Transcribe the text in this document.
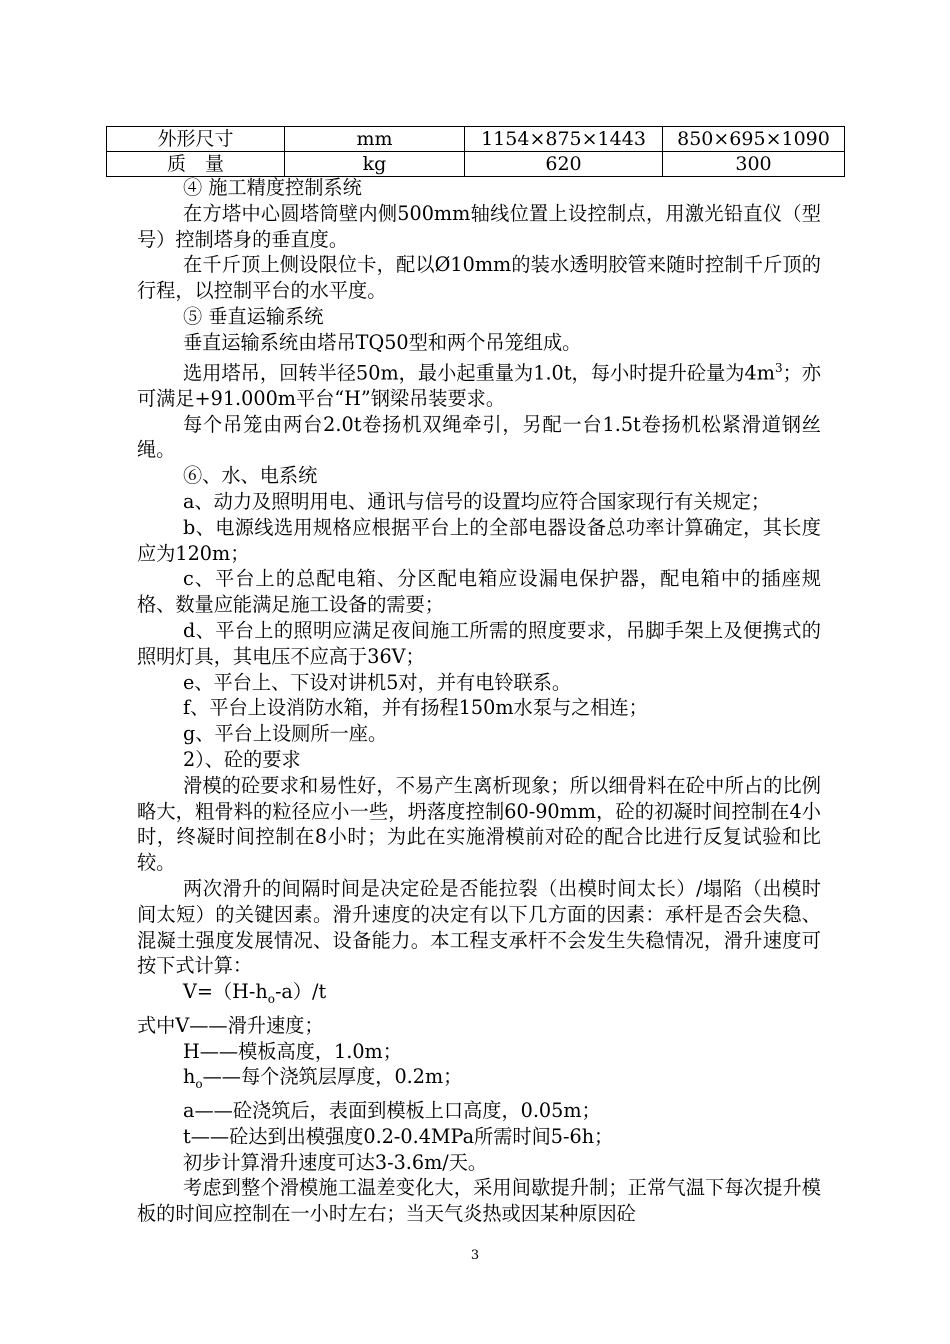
外形尺寸	mm	1154×875×1443	850×695×1090
质　量	kg	620	300

④ 施工精度控制系统

在方塔中心圆塔筒壁内侧500mm轴线位置上设控制点，用激光铅直仪（型号）控制塔身的垂直度。

在千斤顶上侧设限位卡，配以Ø10mm的装水透明胶管来随时控制千斤顶的行程，以控制平台的水平度。

⑤ 垂直运输系统

垂直运输系统由塔吊TQ50型和两个吊笼组成。

选用塔吊，回转半径50m，最小起重量为1.0t，每小时提升砼量为$4m^3$；亦可满足+91.000m平台“H”钢梁吊装要求。

每个吊笼由两台2.0t卷扬机双绳牵引，另配一台1.5t卷扬机松紧滑道钢丝绳。

⑥、水、电系统

a、动力及照明用电、通讯与信号的设置均应符合国家现行有关规定；

b、电源线选用规格应根据平台上的全部电器设备总功率计算确定，其长度应为120m；

c、平台上的总配电箱、分区配电箱应设漏电保护器，配电箱中的插座规格、数量应能满足施工设备的需要；

d、平台上的照明应满足夜间施工所需的照度要求，吊脚手架上及便携式的照明灯具，其电压不应高于36V；

e、平台上、下设对讲机5对，并有电铃联系。

f、平台上设消防水箱，并有扬程150m水泵与之相连；

g、平台上设厕所一座。

2）、砼的要求

滑模的砼要求和易性好，不易产生离析现象；所以细骨料在砼中所占的比例略大，粗骨料的粒径应小一些，坍落度控制60-90mm，砼的初凝时间控制在4小时，终凝时间控制在8小时；为此在实施滑模前对砼的配合比进行反复试验和比较。

两次滑升的间隔时间是决定砼是否能拉裂（出模时间太长）/塌陷（出模时间太短）的关键因素。滑升速度的决定有以下几方面的因素：承杆是否会失稳、混凝土强度发展情况、设备能力。本工程支承杆不会发生失稳情况，滑升速度可按下式计算：

$V=(H-h_o-a)/t$

式中V——滑升速度；

H——模板高度，1.0m；

$h_o——$每个浇筑层厚度，0.2m；

a——砼浇筑后，表面到模板上口高度，0.05m；

t——砼达到出模强度0.2-0.4MPa所需时间5-6h；

初步计算滑升速度可达3-3.6m/天。

考虑到整个滑模施工温差变化大，采用间歇提升制；正常气温下每次提升模板的时间应控制在一小时左右；当天气炎热或因某种原因砼

3
